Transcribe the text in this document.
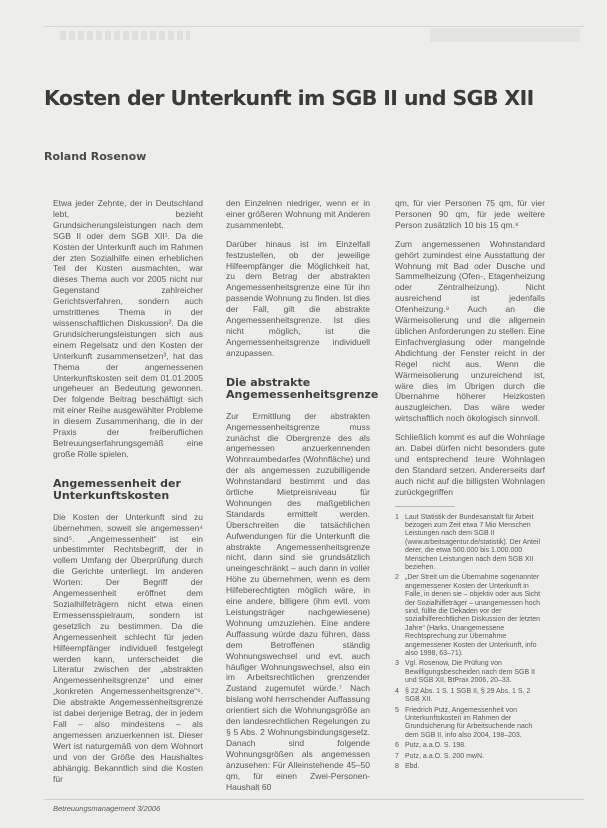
Kosten der Unterkunft im SGB II und SGB XII
Roland Rosenow

Etwa jeder Zehnte, der in Deutschland lebt, bezieht Grundsicherungsleistungen nach dem SGB II oder dem SGB XII¹. Da die Kosten der Unterkunft auch im Rahmen der zten Sozialhilfe einen erheblichen Teil der Kosten ausmachten, war dieses Thema auch vor 2005 nicht nur Gegenstand zahlreicher Gerichtsverfahren, sondern auch umstrittenes Thema in der wissenschaftlichen Diskussion². Da die Grundsicherungsleistungen sich aus einem Regelsatz und den Kosten der Unterkunft zusammensetzen³, hat das Thema der angemessenen Unterkunftskosten seit dem 01.01.2005 ungeheuer an Bedeutung gewonnen. Der folgende Beitrag beschäftigt sich mit einer Reihe ausgewählter Probleme in diesem Zusammenhang, die in der Praxis der freiberuflichen Betreuungserfahrungsgemäß eine große Rolle spielen.

Angemessenheit der Unterkunftskosten

Die Kosten der Unterkunft sind zu übernehmen, soweit sie angemessen⁴ sind⁵. „Angemessenheit“ ist ein unbestimmter Rechtsbegriff, der in vollem Umfang der Überprüfung durch die Gerichte unterliegt. Im anderen Worten: Der Begriff der Angemessenheit eröffnet dem Sozialhilfeträgern nicht etwa einen Ermessensspielraum, sondern ist gesetzlich zu bestimmen. Da die Angemessenheit schlecht für jeden Hilfeempfänger individuell festgelegt werden kann, unterscheidet die Literatur zwischen der „abstrakten Angemessenheitsgrenze“ und einer „konkreten Angemessenheitsgrenze“⁶. Die abstrakte Angemessenheitsgrenze ist dabei derjenige Betrag, der in jedem Fall – also mindestens – als angemessen anzuerkennen ist. Dieser Wert ist naturgemäß von dem Wohnort und von der Größe des Haushaltes abhängig. Bekanntlich sind die Kosten für

den Einzelnen niedriger, wenn er in einer größeren Wohnung mit Anderen zusammenlebt.

Darüber hinaus ist im Einzelfall festzustellen, ob der jeweilige Hilfeempfänger die Möglichkeit hat, zu dem Betrag der abstrakten Angemessenheitsgrenze eine für ihn passende Wohnung zu finden. Ist dies der Fall, gilt die abstrakte Angemessenheitsgrenze. Ist dies nicht möglich, ist die Angemessenheitsgrenze individuell anzupassen.

Die abstrakte Angemessenheitsgrenze

Zur Ermittlung der abstrakten Angemessenheitsgrenze muss zunächst die Obergrenze des als angemessen anzuerkennenden Wohnraumbedarfes (Wohnfläche) und der als angemessen zuzubilligende Wohnstandard bestimmt und das örtliche Mietpreisniveau für Wohnungen des maßgeblichen Standards ermittelt werden. Überschreiten die tatsächlichen Aufwendungen für die Unterkunft die abstrakte Angemessenheitsgrenze nicht, dann sind sie grundsätzlich uneingeschränkt – auch dann in voller Höhe zu übernehmen, wenn es dem Hilfeberechtigten möglich wäre, in eine andere, billigere (ihm evtl. vom Leistungsträger nachgewiesene) Wohnung umzuziehen. Eine andere Auffassung würde dazu führen, dass dem Betroffenen ständig Wohnungswechsel und evt. auch häufiger Wohnungswechsel, also ein im Arbeitsrechtlichen grenzender Zustand zugemutet würde.⁷ Nach bislang wohl herrschender Auffassung orientiert sich die Wohnungsgröße an den landesrechtlichen Regelungen zu § 5 Abs. 2 Wohnungsbindungsgesetz. Danach sind folgende Wohnungsgrößen als angemessen anzusehen: Für Alleinstehende 45–50 qm, für einen Zwei-Personen-Haushalt 60

qm, für vier Personen 75 qm, für vier Personen 90 qm, für jede weitere Person zusätzlich 10 bis 15 qm.⁸

Zum angemessenen Wohnstandard gehört zumindest eine Ausstattung der Wohnung mit Bad oder Dusche und Sammelheizung (Ofen-, Etagenheizung oder Zentralheizung). Nicht ausreichend ist jedenfalls Ofenheizung.⁹ Auch an die Wärmeisolierung und die allgemein üblichen Anforderungen zu stellen. Eine Einfachverglasung oder mangelnde Abdichtung der Fenster reicht in der Regel nicht aus. Wenn die Wärmeisolierung unzureichend ist, wäre dies im Übrigen durch die Übernahme höherer Heizkosten auszugleichen. Das wäre weder wirtschaftlich noch ökologisch sinnvoll.

Schließlich kommt es auf die Wohnlage an. Dabei dürfen nicht besonders gute und entsprechend teure Wohnlagen den Standard setzen. Andererseits darf auch nicht auf die billigsten Wohnlagen zurückgegriffen

1 Laut Statistik der Bundesanstalt für Arbeit bezogen zum Zeit etwa 7 Mio Menschen Leistungen nach dem SGB II (www.arbeitsagentur.de/statistik). Der Anteil derer, die etwa 500.000 bis 1.000.000 Menschen Leistungen nach dem SGB XII beziehen.
2 „Der Streit um die Übernahme sogenannter angemessener Kosten der Unterkunft in Falle, in denen sie – objektiv oder aus Sicht der Sozialhilfeträger – unangemessen hoch sind, füllte die Dekaden vor der sozialhilferechtlichen Diskussion der letzten Jahre“ (Harks, Unangemessene Rechtsprechung zur Übernahme angemessener Kosten der Unterkunft, info also 1998, 63–71).
3 Vgl. Rosenow, Die Prüfung von Bewilligungsbescheiden nach dem SGB II und SGB XII, BtPrax 2006, 20–33.
4 § 22 Abs. 1 S. 1 SGB II, § 29 Abs. 1 S. 2 SGB XII.
5 Friedrich Putz, Angemessenheit von Unterkunftskosten im Rahmen der Grundsicherung für Arbeitsuchende nach dem SGB II, info also 2004, 198–203.
6 Putz, a.a.O. S. 198.
7 Putz, a.a.O. S. 200 mwN.
8 Ebd.
Betreuungsmanagement 3/2006
